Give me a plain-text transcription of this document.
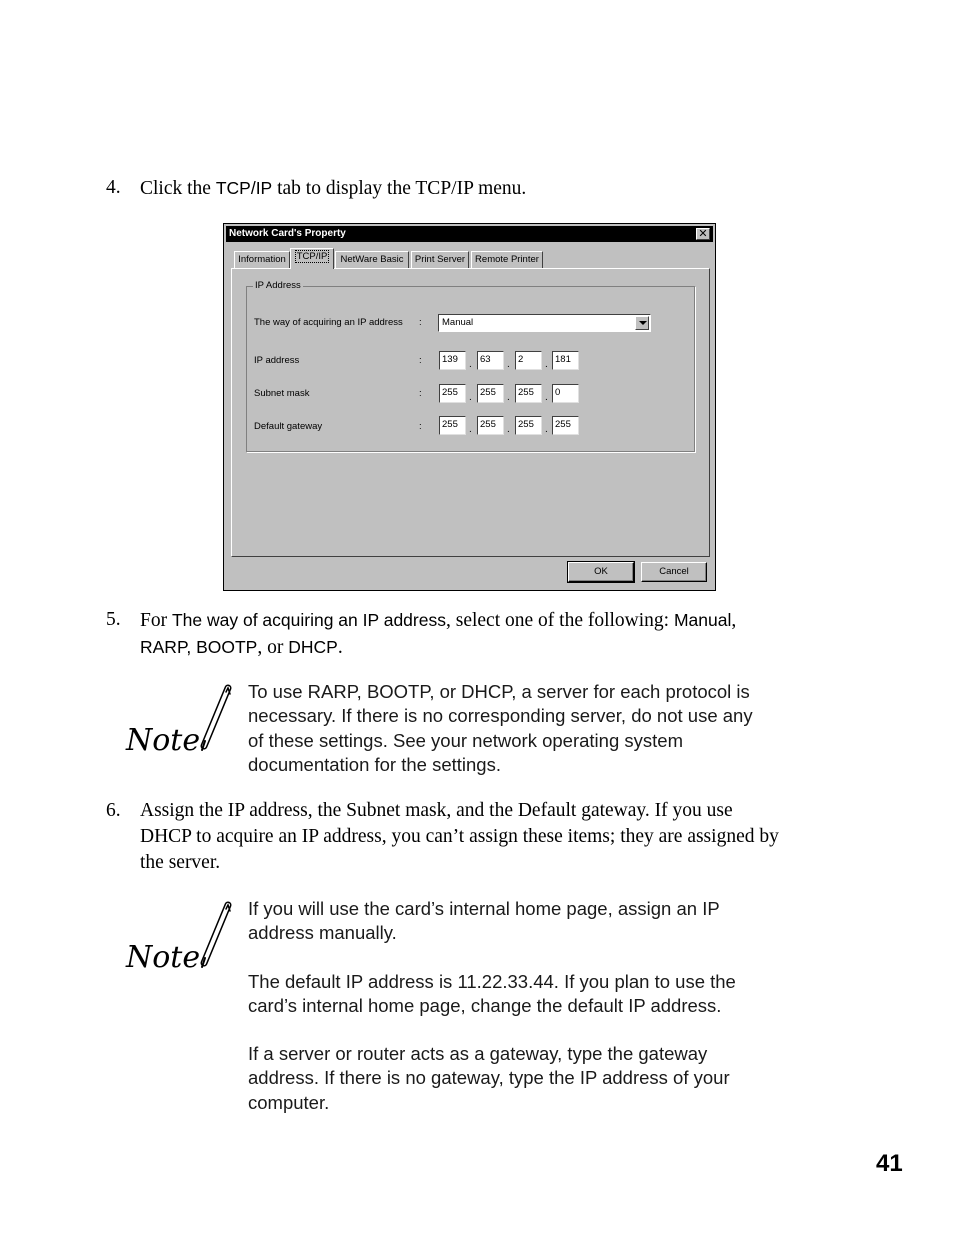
4. Click the TCP/IP tab to display the TCP/IP menu.
Network Card's Property	✕
Information	TCP/IP	NetWare Basic	Print Server	Remote Printer
IP Address
The way of acquiring an IP address :	Manual
IP address	:	139	. 63	. 2	. 181
Subnet mask	:	255	. 255	. 255	. 0
Default gateway	:	255	. 255	. 255	. 255
OK	Cancel
5. For The way of acquiring an IP address, select one of the following: Manual,
RARP, BOOTP, or DHCP.
Note
To use RARP, BOOTP, or DHCP, a server for each protocol is
necessary. If there is no corresponding server, do not use any
of these settings. See your network operating system
documentation for the settings.
6. Assign the IP address, the Subnet mask, and the Default gateway. If you use
DHCP to acquire an IP address, you can’t assign these items; they are assigned by
the server.
Note

If you will use the card’s internal home page, assign an IP
address manually.

The default IP address is 11.22.33.44. If you plan to use the
card’s internal home page, change the default IP address.

If a server or router acts as a gateway, type the gateway
address. If there is no gateway, type the IP address of your
computer.

41
